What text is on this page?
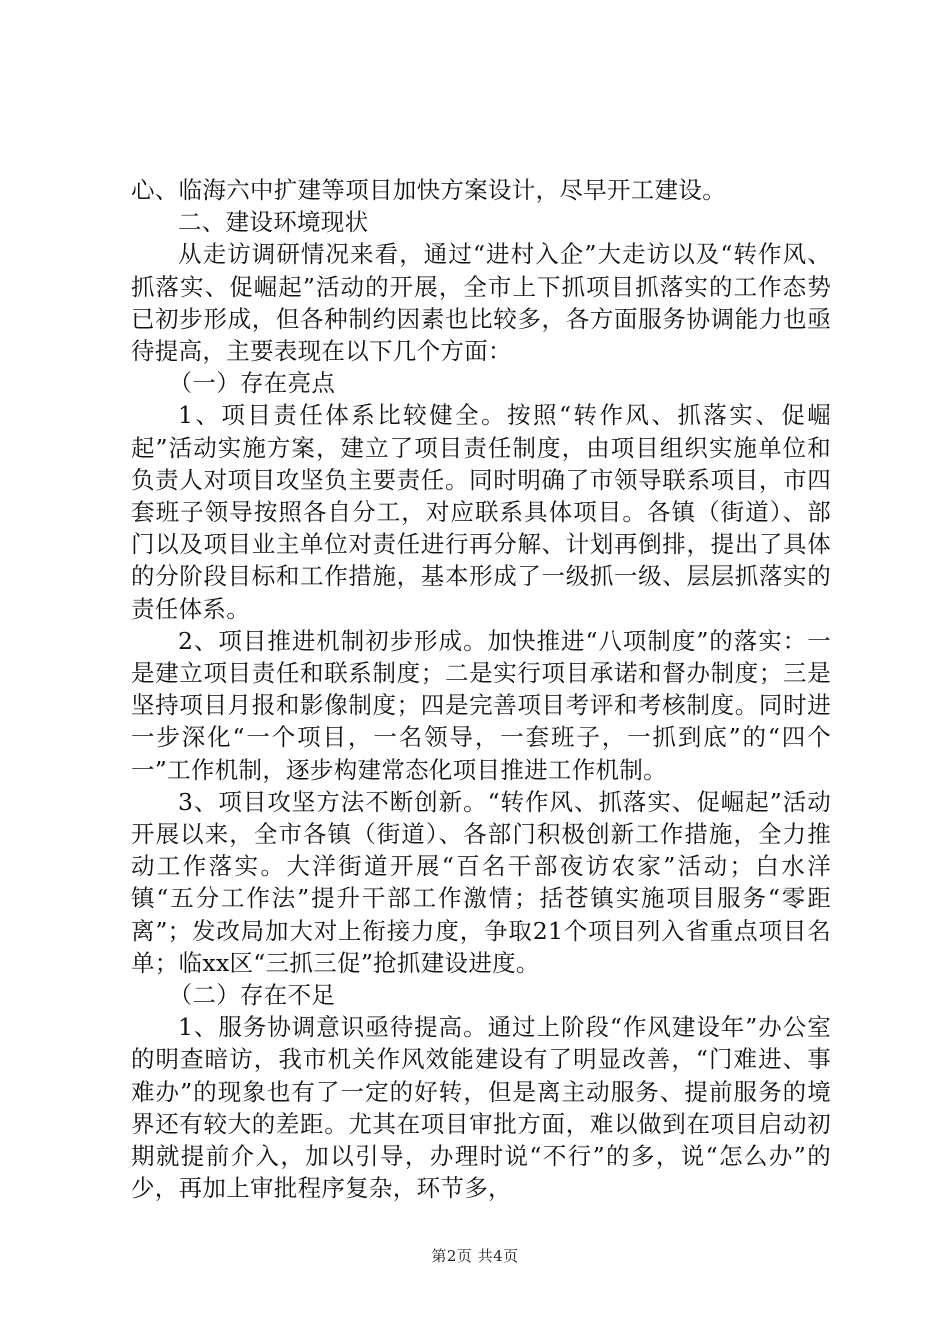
心、临海六中扩建等项目加快方案设计，尽早开工建设。

二、建设环境现状

从走访调研情况来看，通过“进村入企”大走访以及“转作风、抓落实、促崛起”活动的开展，全市上下抓项目抓落实的工作态势已初步形成，但各种制约因素也比较多，各方面服务协调能力也亟待提高，主要表现在以下几个方面：

（一）存在亮点

1、项目责任体系比较健全。按照“转作风、抓落实、促崛起”活动实施方案，建立了项目责任制度，由项目组织实施单位和负责人对项目攻坚负主要责任。同时明确了市领导联系项目，市四套班子领导按照各自分工，对应联系具体项目。各镇（街道）、部门以及项目业主单位对责任进行再分解、计划再倒排，提出了具体的分阶段目标和工作措施，基本形成了一级抓一级、层层抓落实的责任体系。

2、项目推进机制初步形成。加快推进“八项制度”的落实：一是建立项目责任和联系制度；二是实行项目承诺和督办制度；三是坚持项目月报和影像制度；四是完善项目考评和考核制度。同时进一步深化“一个项目，一名领导，一套班子，一抓到底”的“四个一”工作机制，逐步构建常态化项目推进工作机制。

3、项目攻坚方法不断创新。“转作风、抓落实、促崛起”活动开展以来，全市各镇（街道）、各部门积极创新工作措施，全力推动工作落实。大洋街道开展“百名干部夜访农家”活动；白水洋镇“五分工作法”提升干部工作激情；括苍镇实施项目服务“零距离”；发改局加大对上衔接力度，争取21个项目列入省重点项目名单；临xx区“三抓三促”抢抓建设进度。

（二）存在不足

1、服务协调意识亟待提高。通过上阶段“作风建设年”办公室的明查暗访，我市机关作风效能建设有了明显改善，“门难进、事难办”的现象也有了一定的好转，但是离主动服务、提前服务的境界还有较大的差距。尤其在项目审批方面，难以做到在项目启动初期就提前介入，加以引导，办理时说“不行”的多，说“怎么办”的少，再加上审批程序复杂，环节多，

第2页 共4页
